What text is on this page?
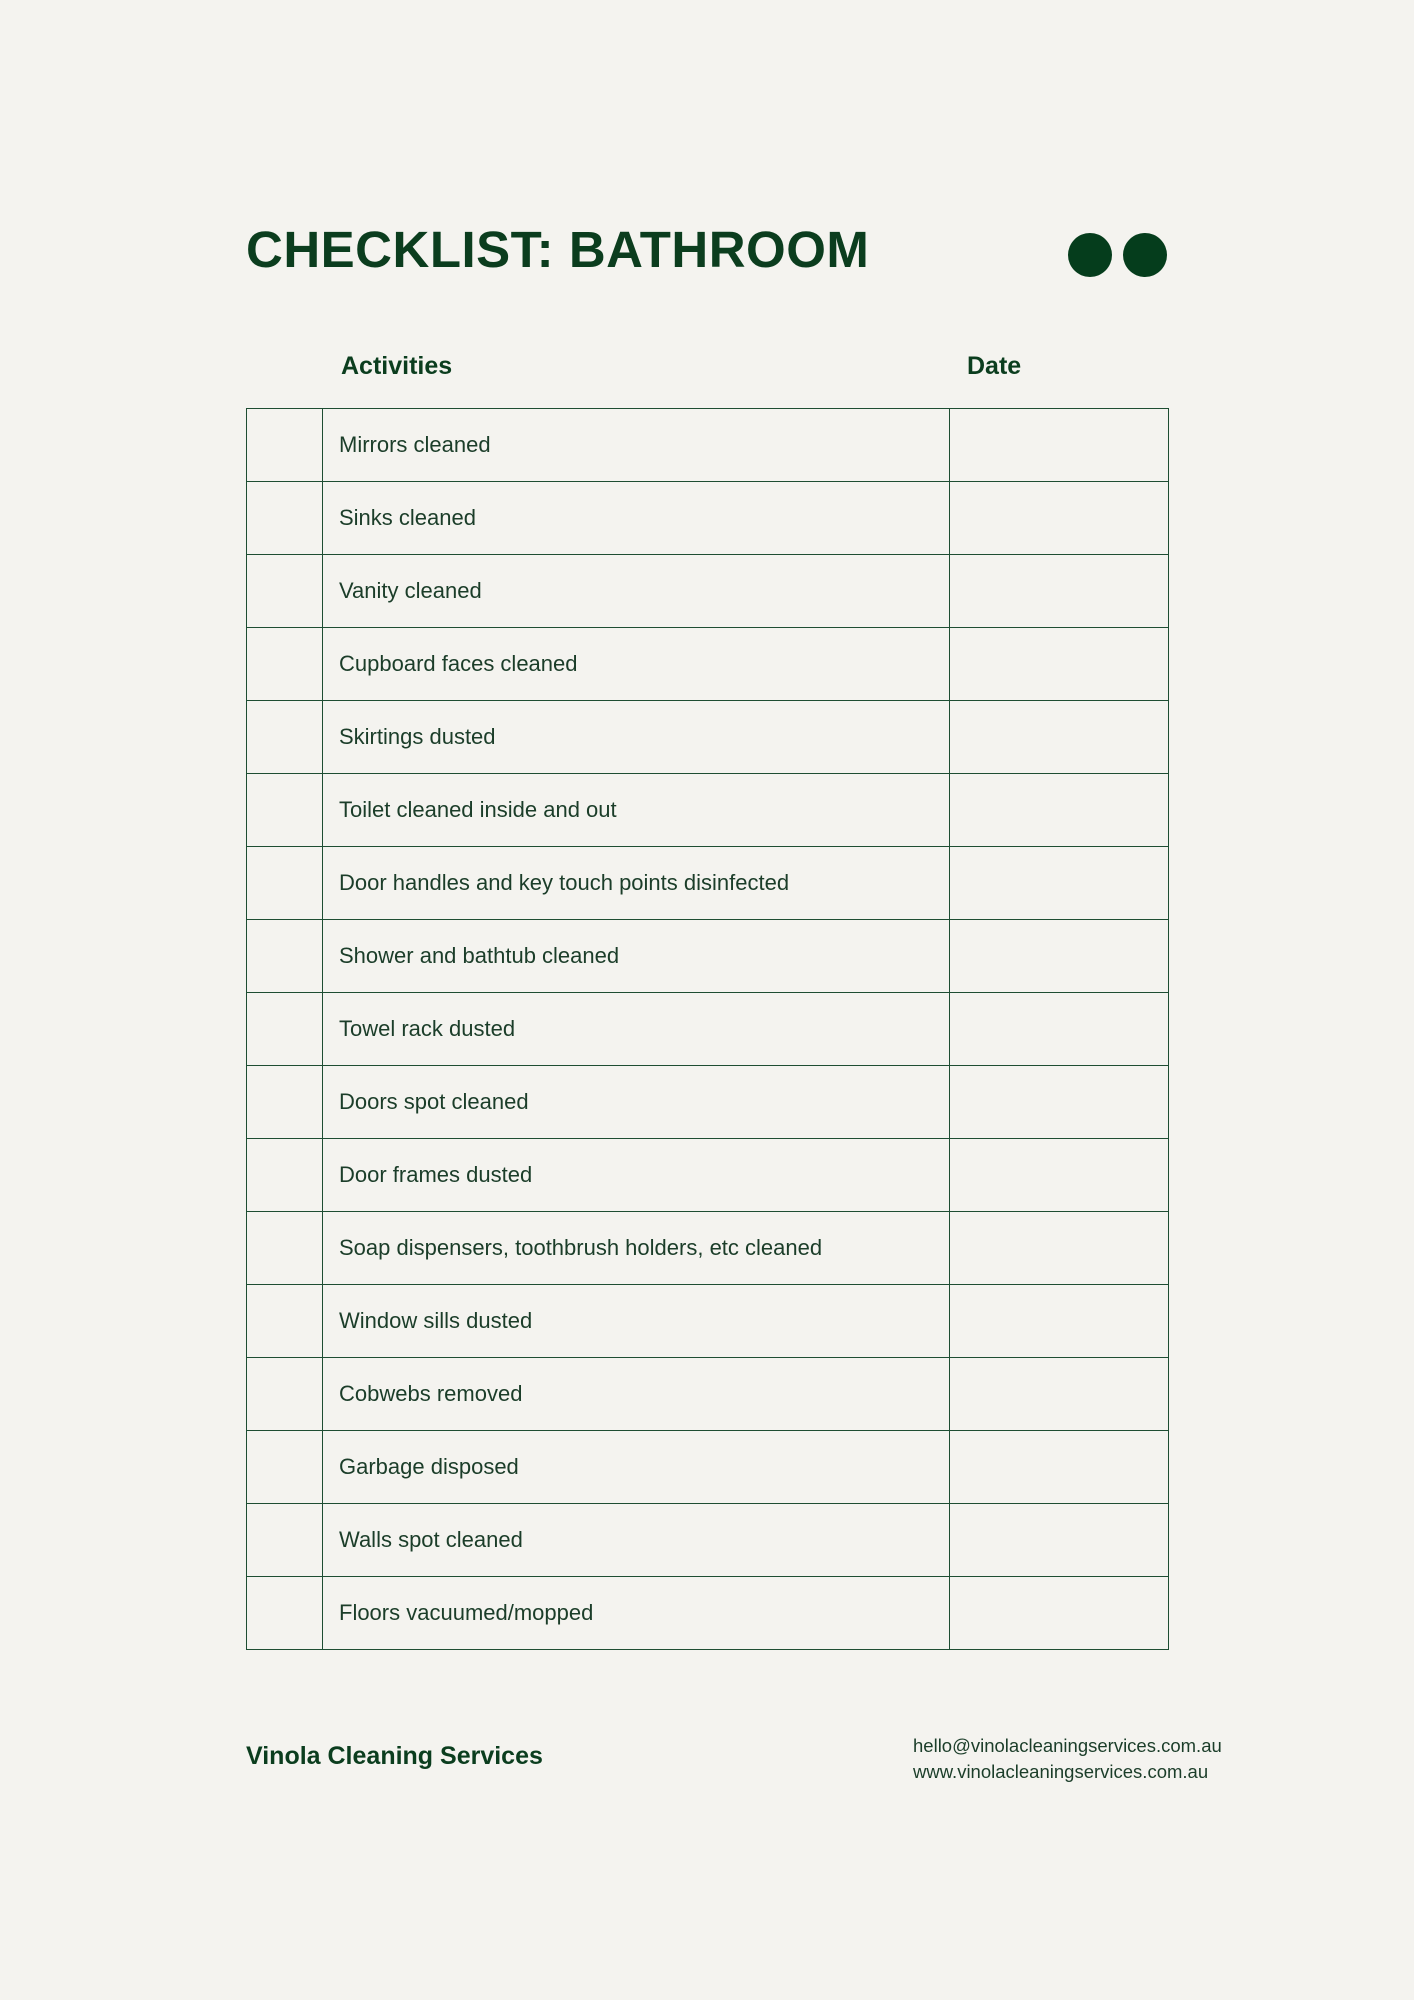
CHECKLIST: BATHROOM
Activities	Date
Mirrors cleaned
Sinks cleaned
Vanity cleaned
Cupboard faces cleaned
Skirtings dusted
Toilet cleaned inside and out
Door handles and key touch points disinfected
Shower and bathtub cleaned
Towel rack dusted
Doors spot cleaned
Door frames dusted
Soap dispensers, toothbrush holders, etc cleaned
Window sills dusted
Cobwebs removed
Garbage disposed
Walls spot cleaned
Floors vacuumed/mopped
Vinola Cleaning Services	hello@vinolacleaningservices.com.au
www.vinolacleaningservices.com.au
